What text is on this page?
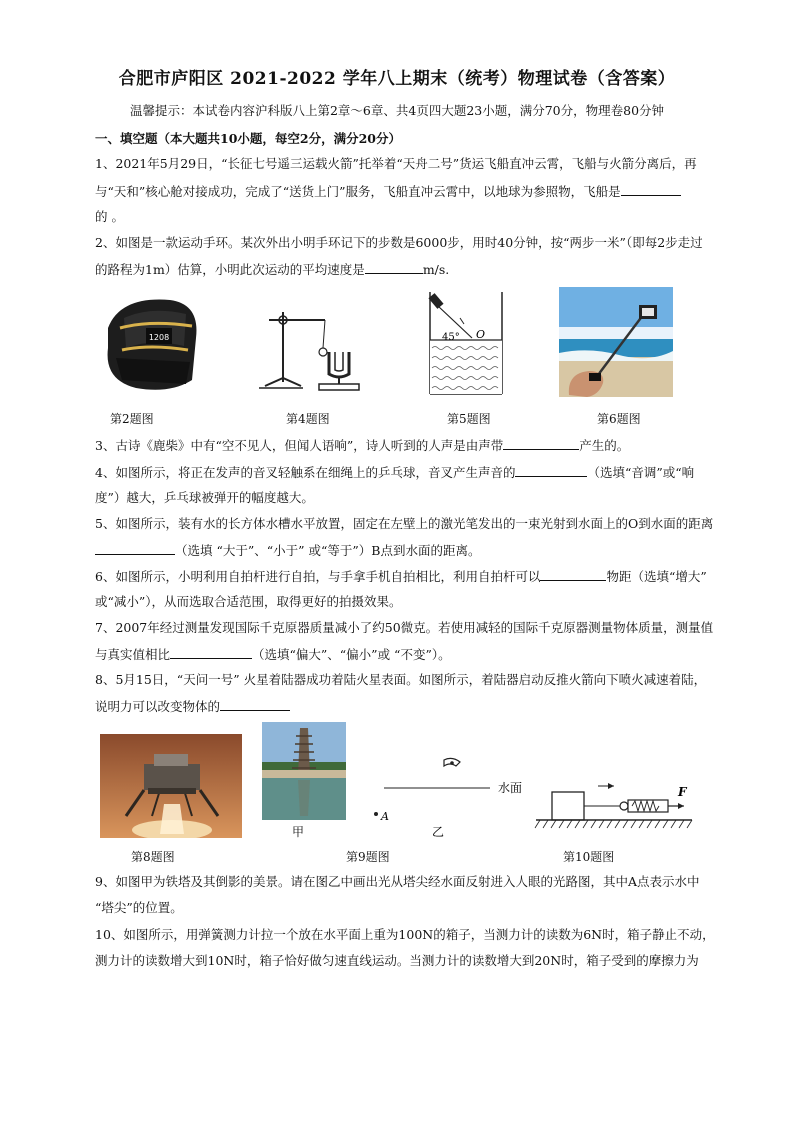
合肥市庐阳区 2021-2022 学年八上期末（统考）物理试卷（含答案）
温馨提示：本试卷内容沪科版八上第2章～6章、共4页四大题23小题，满分70分，物理卷80分钟
一、填空题（本大题共10小题，每空2分，满分20分）
1、2021年5月29日，“长征七号遥三运载火箭”托举着“天舟二号”货运飞船直冲云霄，飞船与火箭分离后，再
与“天和”核心舱对接成功，完成了“送货上门”服务，飞船直冲云霄中，以地球为参照物，飞船是
的 。
2、如图是一款运动手环。某次外出小明手环记下的步数是6000步，用时40分钟，按“两步一米”（即每2步走过
的路程为1m）估算，小明此次运动的平均速度是	m/s.
1208
第2题图	第4题图
45° O
第5题图	第6题图
3、古诗《鹿柴》中有“空不见人，但闻人语响”，诗人听到的人声是由声带	产生的。
4、如图所示，将正在发声的音叉轻触系在细绳上的乒乓球，音叉产生声音的	（选填“音调”或“响
度”）越大，乒乓球被弹开的幅度越大。
5、如图所示，装有水的长方体水槽水平放置，固定在左壁上的激光笔发出的一束光射到水面上的O到水面的距离
（选填 “大于”、“小于” 或“等于”）B点到水面的距离。
6、如图所示，小明利用自拍杆进行自拍，与手拿手机自拍相比，利用自拍杆可以	物距（选填“增大”
或“减小”），从而选取合适范围，取得更好的拍摄效果。
7、2007年经过测量发现国际千克原器质量减小了约50微克。若使用减轻的国际千克原器测量物体质量，测量值
与真实值相比	（选填“偏大”、“偏小”或 “不变”）。
8、5月15日，“天问一号” 火星着陆器成功着陆火星表面。如图所示，着陆器启动反推火箭向下喷火减速着陆，
说明力可以改变物体的
第8题图
甲
第9题图
水面
A
乙
F
第10题图
9、如图甲为铁塔及其倒影的美景。请在图乙中画出光从塔尖经水面反射进入人眼的光路图，其中A点表示水中
“塔尖”的位置。
10、如图所示，用弹簧测力计拉一个放在水平面上重为100N的箱子，当测力计的读数为6N时，箱子静止不动，
测力计的读数增大到10N时，箱子恰好做匀速直线运动。当测力计的读数增大到20N时，箱子受到的摩擦力为
